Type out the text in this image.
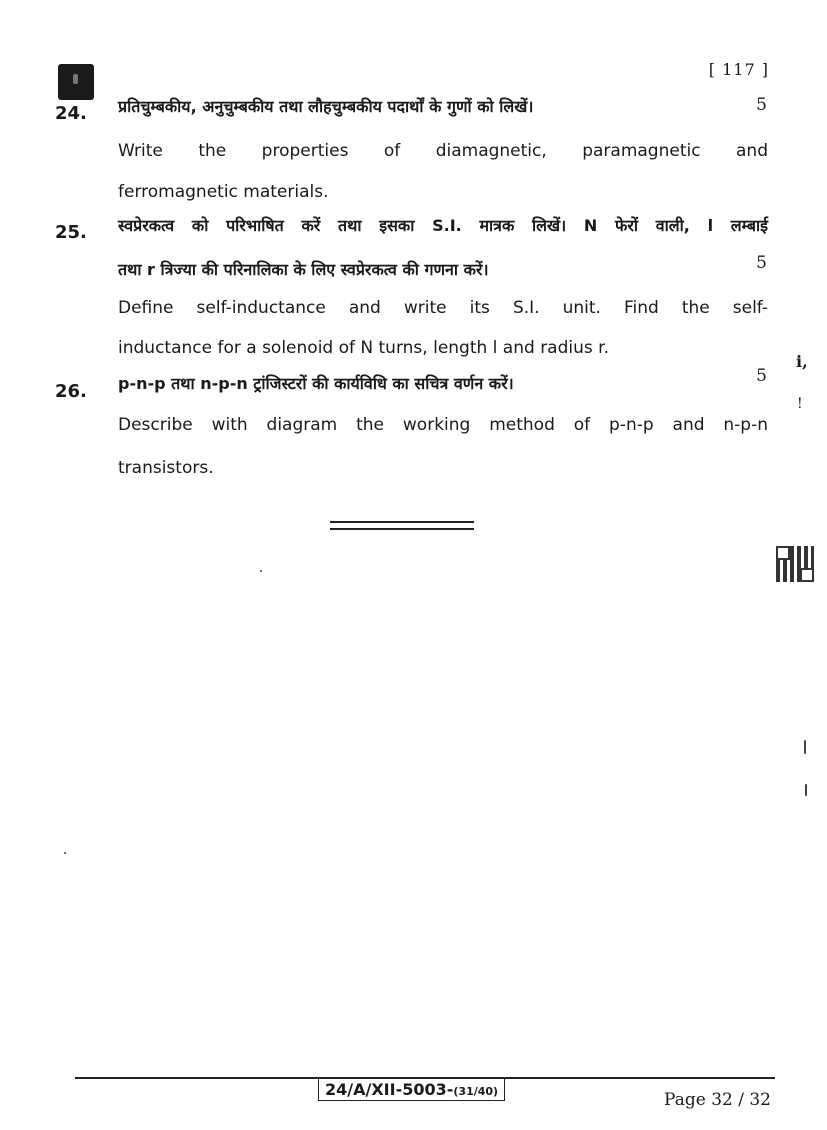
[ 117 ]
24.	5
प्रतिचुम्बकीय, अनुचुम्बकीय तथा लौहचुम्बकीय पदार्थों के गुणों को लिखें।
Write the properties of diamagnetic, paramagnetic and
ferromagnetic materials.
25.
5
स्वप्रेरकत्व को परिभाषित करें तथा इसका S.I. मात्रक लिखें। N फेरों वाली, l लम्बाई
तथा r त्रिज्या की परिनालिका के लिए स्वप्रेरकत्व की गणना करें।
Define self-inductance and write its S.I. unit. Find the self-
inductance for a solenoid of N turns, length l and radius r.
26.
5
p-n-p तथा n-p-n ट्रांजिस्टरों की कार्यविधि का सचित्र वर्णन करें।
Describe with diagram the working method of p-n-p and n-p-n
transistors.
i,
!
24/A/XII-5003-(31/40)	Page 32 / 32
